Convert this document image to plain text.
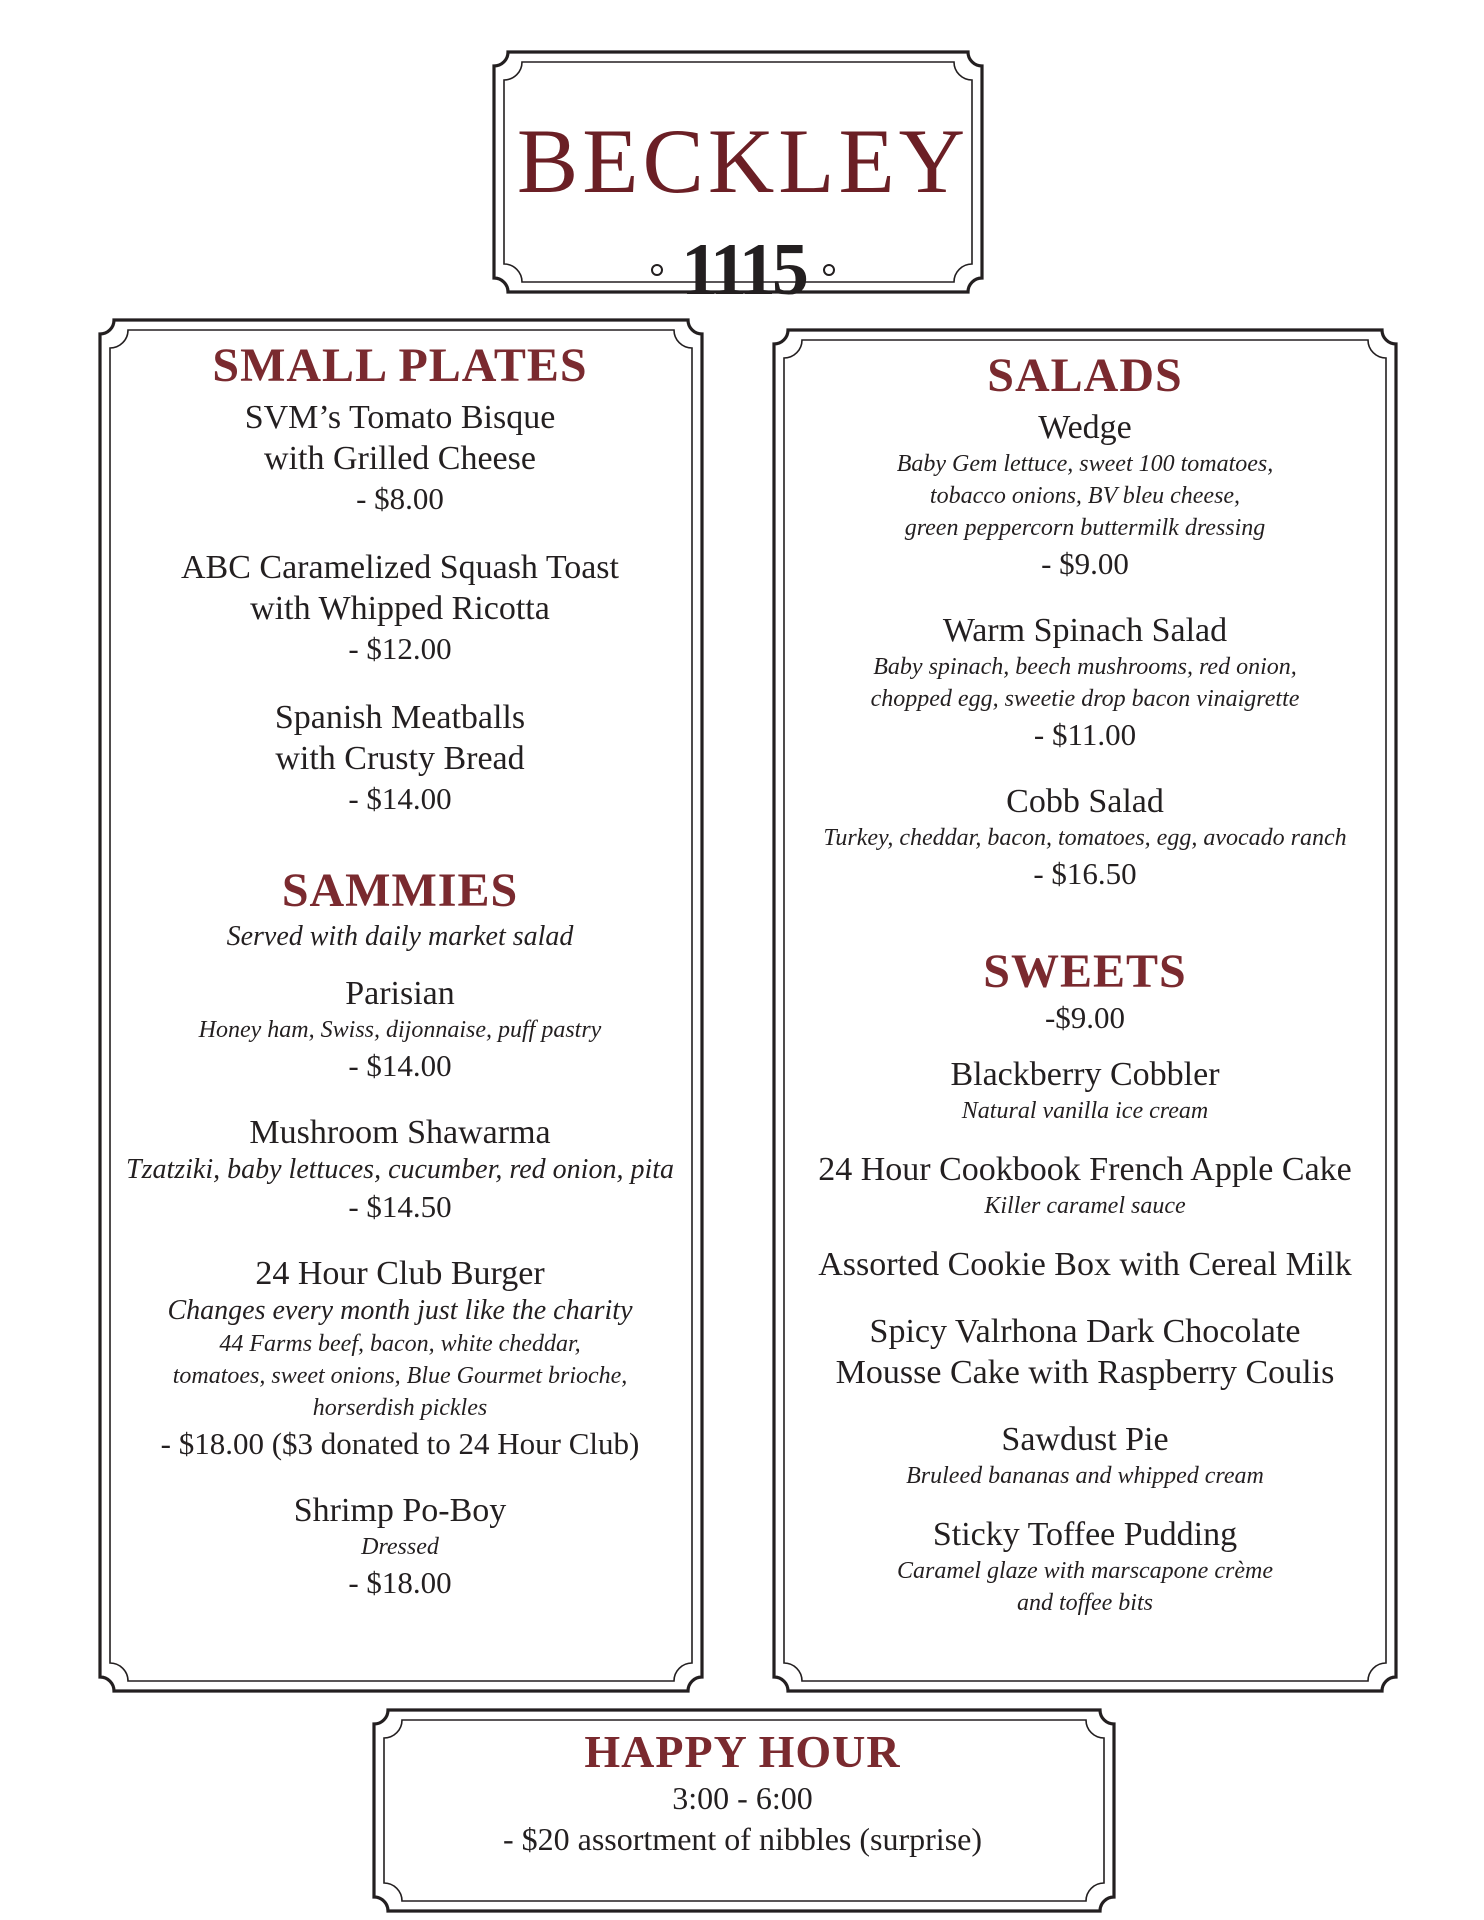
BECKLEY
1115
SMALL PLATES

SVM’s Tomato Bisque

with Grilled Cheese

- $8.00

ABC Caramelized Squash Toast

with Whipped Ricotta

- $12.00

Spanish Meatballs

with Crusty Bread

- $14.00

SAMMIES

Served with daily market salad

Parisian

Honey ham, Swiss, dijonnaise, puff pastry

- $14.00

Mushroom Shawarma

Tzatziki, baby lettuces, cucumber, red onion, pita

- $14.50

24 Hour Club Burger

Changes every month just like the charity

44 Farms beef, bacon, white cheddar,

tomatoes, sweet onions, Blue Gourmet brioche,

horserdish pickles

- $18.00 ($3 donated to 24 Hour Club)

Shrimp Po-Boy

Dressed

- $18.00

SALADS

Wedge

Baby Gem lettuce, sweet 100 tomatoes,

tobacco onions, BV bleu cheese,

green peppercorn buttermilk dressing

- $9.00

Warm Spinach Salad

Baby spinach, beech mushrooms, red onion,

chopped egg, sweetie drop bacon vinaigrette

- $11.00

Cobb Salad

Turkey, cheddar, bacon, tomatoes, egg, avocado ranch

- $16.50

SWEETS

-$9.00

Blackberry Cobbler

Natural vanilla ice cream

24 Hour Cookbook French Apple Cake

Killer caramel sauce

Assorted Cookie Box with Cereal Milk

Spicy Valrhona Dark Chocolate

Mousse Cake with Raspberry Coulis

Sawdust Pie

Bruleed bananas and whipped cream

Sticky Toffee Pudding

Caramel glaze with marscapone crème

and toffee bits

HAPPY HOUR

3:00 - 6:00

- $20 assortment of nibbles (surprise)
